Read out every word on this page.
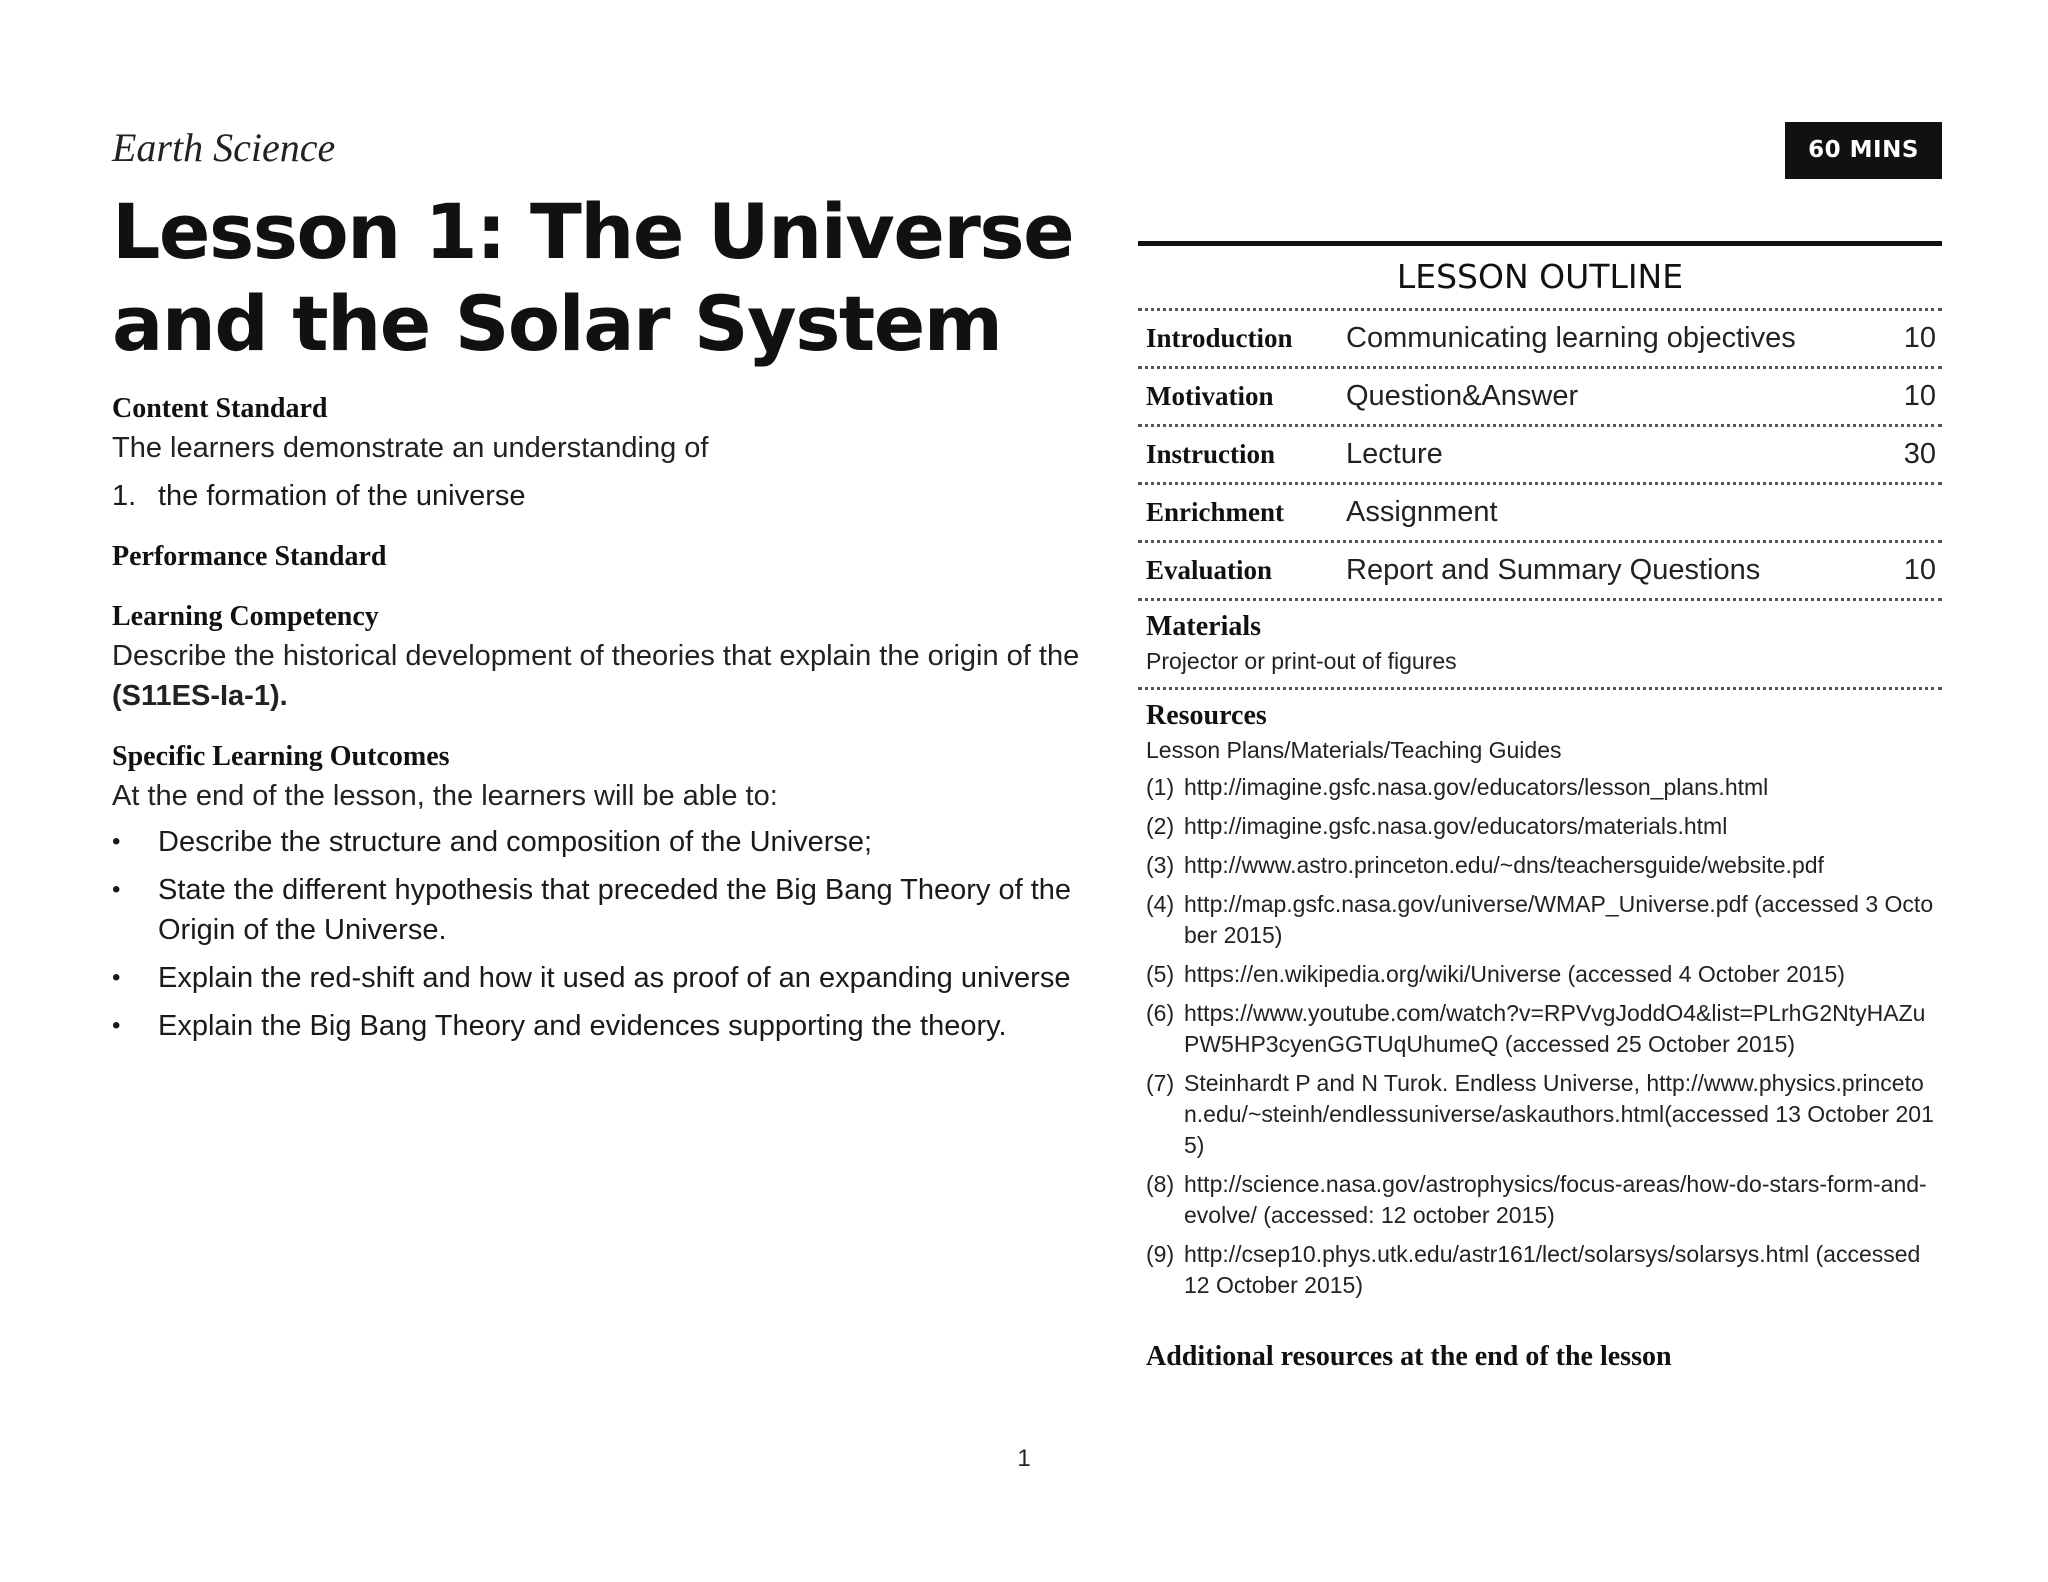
Earth Science

Lesson 1: The Universe
and the Solar System

Content Standard

The learners demonstrate an understanding of

1. the formation of the universe

Performance Standard

Learning Competency

Describe the historical development of theories that explain the origin of the

(S11ES-Ia-1).

Specific Learning Outcomes

At the end of the lesson, the learners will be able to:

•	Describe the structure and composition of the Universe;
•	State the different hypothesis that preceded the Big Bang Theory of the Origin of the Universe.
•	Explain the red-shift and how it used as proof of an expanding universe
•	Explain the Big Bang Theory and evidences supporting the theory.
60 MINS
LESSON OUTLINE
Introduction	Communicating learning objectives	10
Motivation	Question&Answer	10
Instruction	Lecture	30
Enrichment	Assignment
Evaluation	Report and Summary Questions	10
Materials
Projector or print-out of figures
Resources
Lesson Plans/Materials/Teaching Guides
(1) http://imagine.gsfc.nasa.gov/educators/lesson_plans.html
(2) http://imagine.gsfc.nasa.gov/educators/materials.html
(3) http://www.astro.princeton.edu/~dns/teachersguide/website.pdf
(4) http://map.gsfc.nasa.gov/universe/WMAP_Universe.pdf (accessed 3 October 2015)
(5) https://en.wikipedia.org/wiki/Universe (accessed 4 October 2015)
(6) https://www.youtube.com/watch?v=RPVvgJoddO4&list=PLrhG2NtyHAZuPW5HP3cyenGGTUqUhumeQ (accessed 25 October 2015)
(7) Steinhardt P and N Turok. Endless Universe, http://www.physics.princeton.edu/~steinh/endlessuniverse/askauthors.html(accessed 13 October 2015)
(8) http://science.nasa.gov/astrophysics/focus-areas/how-do-stars-form-and-evolve/ (accessed: 12 october 2015)
(9) http://csep10.phys.utk.edu/astr161/lect/solarsys/solarsys.html (accessed 12 October 2015)
Additional resources at the end of the lesson
1
